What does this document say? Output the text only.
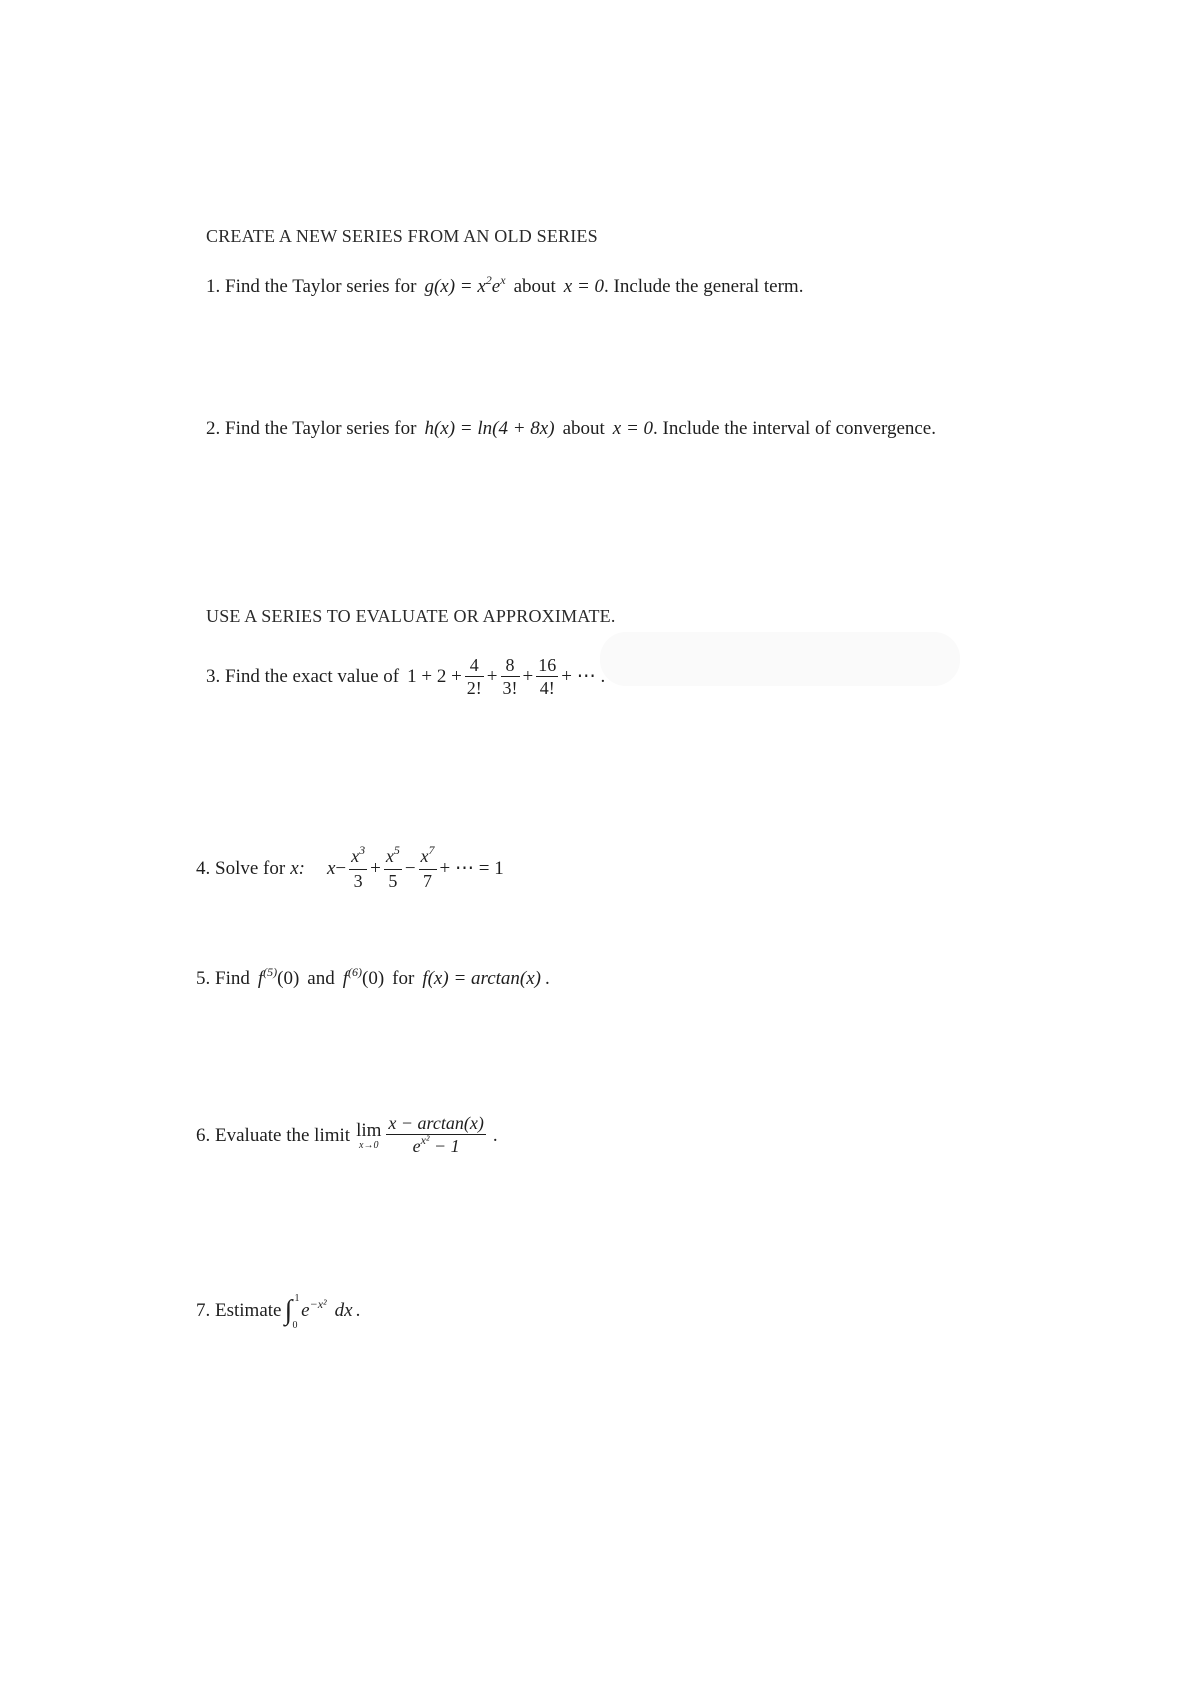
CREATE A NEW SERIES FROM AN OLD SERIES
1. Find the Taylor series for $g(x) = x^2e^x$ about x = 0 . Include the general term.
2. Find the Taylor series for h(x) = ln(4 + 8x) about x = 0 . Include the interval of convergence.
USE A SERIES TO EVALUATE OR APPROXIMATE.
3. Find the exact value of $1 + 2 + \frac{4}{2!} + \frac{8}{3!} + \frac{16}{4!}$ + ⋯ .
4. Solve for x: $x - \frac{x^3}{3} + \frac{x^5}{5} - \frac{x^7}{7}$ + ⋯ = 1
5. Find $f^{(5)}$ (0) and $f^{(6)}$ (0) for f(x) = arctan(x) .
6. Evaluate the limit lim
$x\to 0 \frac{x - \arctan(x)}{e^{x^2} - 1}$ .
7. Estimate ∫ 1
0
$e^{-x^2}$ dx .
